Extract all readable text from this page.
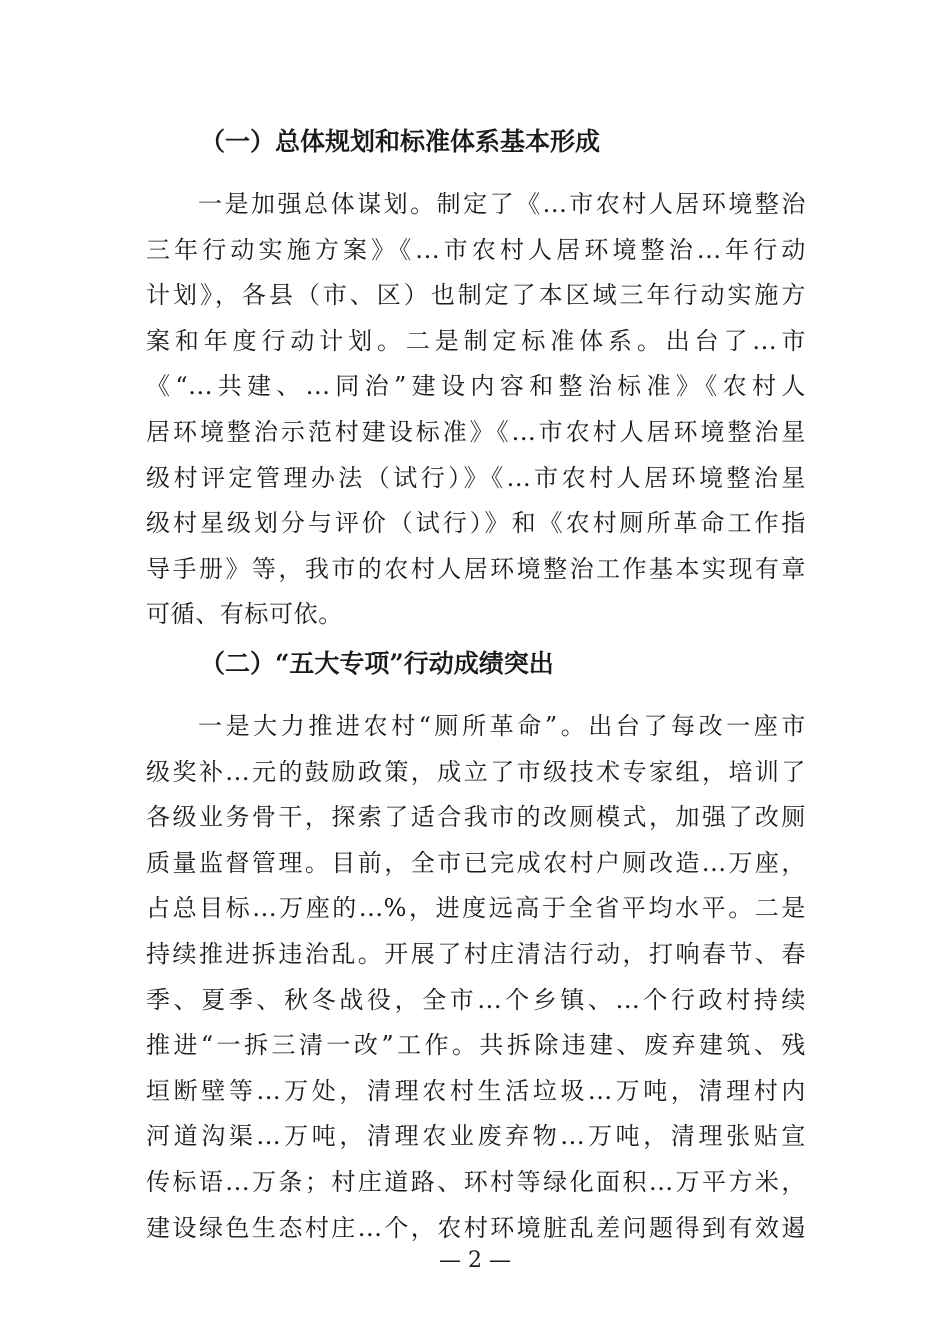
（一）总体规划和标准体系基本形成
一是加强总体谋划。制定了《...市农村人居环境整治
三年行动实施方案》《...市农村人居环境整治...年行动
计划》，各县（市、区）也制定了本区域三年行动实施方
案和年度行动计划。二是制定标准体系。出台了...市
《“...共建、...同治”建设内容和整治标准》《农村人
居环境整治示范村建设标准》《...市农村人居环境整治星
级村评定管理办法（试行）》《...市农村人居环境整治星
级村星级划分与评价（试行）》和《农村厕所革命工作指
导手册》等，我市的农村人居环境整治工作基本实现有章
可循、有标可依。
（二）“五大专项”行动成绩突出
一是大力推进农村“厕所革命”。出台了每改一座市
级奖补...元的鼓励政策，成立了市级技术专家组，培训了
各级业务骨干，探索了适合我市的改厕模式，加强了改厕
质量监督管理。目前，全市已完成农村户厕改造...万座，
占总目标...万座的...%，进度远高于全省平均水平。二是
持续推进拆违治乱。开展了村庄清洁行动，打响春节、春
季、夏季、秋冬战役，全市...个乡镇、...个行政村持续
推进“一拆三清一改”工作。共拆除违建、废弃建筑、残
垣断壁等...万处，清理农村生活垃圾...万吨，清理村内
河道沟渠...万吨，清理农业废弃物...万吨，清理张贴宣
传标语...万条；村庄道路、环村等绿化面积...万平方米，
建设绿色生态村庄...个，农村环境脏乱差问题得到有效遏
— 2 —
